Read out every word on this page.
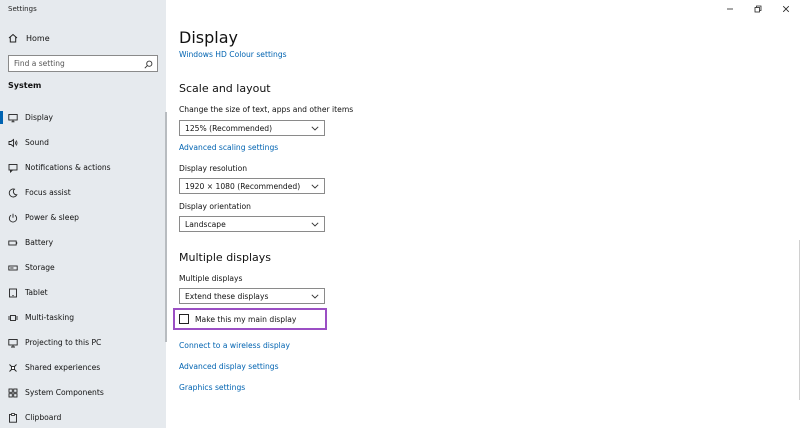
Settings
Home
Find a setting
System
Display
Sound
Notifications & actions
Focus assist
Power & sleep
Battery
Storage
Tablet
Multi-tasking
Projecting to this PC
Shared experiences
System Components
Clipboard
Display
Windows HD Colour settings
Scale and layout
Change the size of text, apps and other items
125% (Recommended)
Advanced scaling settings
Display resolution
1920 × 1080 (Recommended)
Display orientation
Landscape
Multiple displays
Multiple displays
Extend these displays
Make this my main display
Connect to a wireless display
Advanced display settings
Graphics settings
